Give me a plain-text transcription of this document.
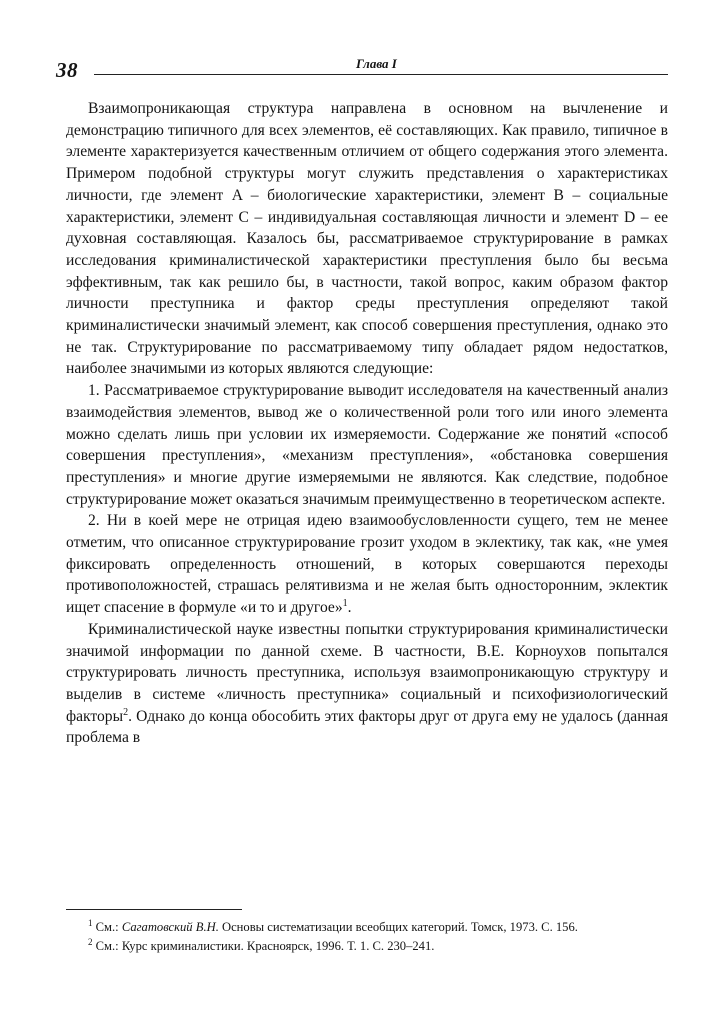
38	Глава I

Взаимопроникающая структура направлена в основном на вычленение и демонстрацию типичного для всех элементов, её составляющих. Как правило, типичное в элементе характеризуется качественным отличием от общего содержания этого элемента. Примером подобной структуры могут служить представления о характеристиках личности, где элемент A – биологические характеристики, элемент B – социальные характеристики, элемент C – индивидуальная составляющая личности и элемент D – ее духовная составляющая. Казалось бы, рассматриваемое структурирование в рамках исследования криминалистической характеристики преступления было бы весьма эффективным, так как решило бы, в частности, такой вопрос, каким образом фактор личности преступника и фактор среды преступления определяют такой криминалистически значимый элемент, как способ совершения преступления, однако это не так. Структурирование по рассматриваемому типу обладает рядом недостатков, наиболее значимыми из которых являются следующие:

1. Рассматриваемое структурирование выводит исследователя на качественный анализ взаимодействия элементов, вывод же о количественной роли того или иного элемента можно сделать лишь при условии их измеряемости. Содержание же понятий «способ совершения преступления», «механизм преступления», «обстановка совершения преступления» и многие другие измеряемыми не являются. Как следствие, подобное структурирование может оказаться значимым преимущественно в теоретическом аспекте.

2. Ни в коей мере не отрицая идею взаимообусловленности сущего, тем не менее отметим, что описанное структурирование грозит уходом в эклектику, так как, «не умея фиксировать определенность отношений, в которых совершаются переходы противоположностей, страшась релятивизма и не желая быть односторонним, эклектик ищет спасение в формуле «и то и другое»$^1$.

Криминалистической науке известны попытки структурирования криминалистически значимой информации по данной схеме. В частности, В.Е. Корноухов попытался структурировать личность преступника, используя взаимопроникающую структуру и выделив в системе «личность преступника» социальный и психофизиологический факторы$^2$. Однако до конца обособить этих факторы друг от друга ему не удалось (данная проблема в

$^1$ См.: Сагатовский В.Н. Основы систематизации всеобщих категорий. Томск, 1973. С. 156.

$^2$ См.: Курс криминалистики. Красноярск, 1996. Т. 1. С. 230–241.
